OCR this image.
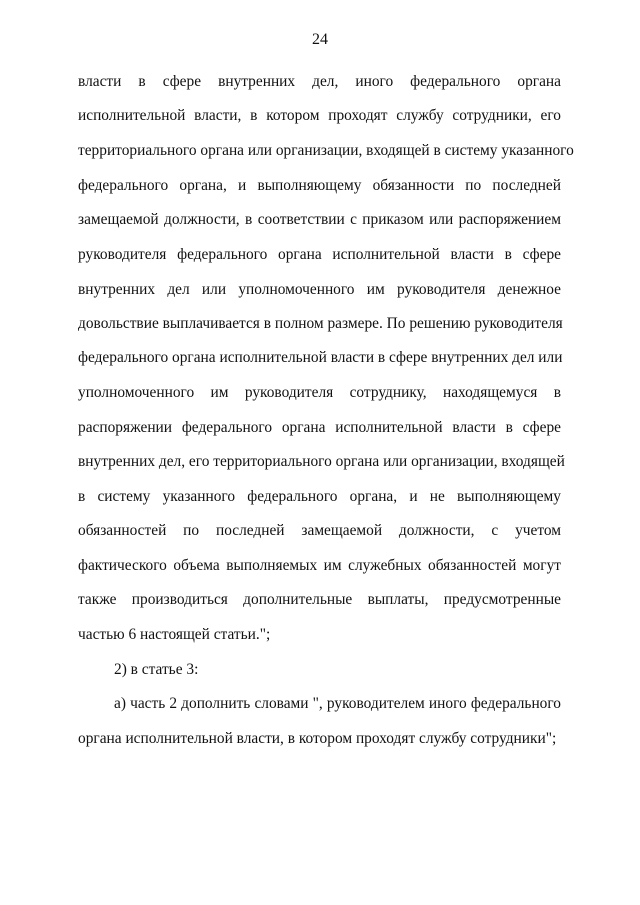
24
власти в сфере внутренних дел, иного федерального органа
исполнительной власти, в котором проходят службу сотрудники, его
территориального органа или организации, входящей в систему указанного
федерального органа, и выполняющему обязанности по последней
замещаемой должности, в соответствии с приказом или распоряжением
руководителя федерального органа исполнительной власти в сфере
внутренних дел или уполномоченного им руководителя денежное
довольствие выплачивается в полном размере. По решению руководителя
федерального органа исполнительной власти в сфере внутренних дел или
уполномоченного им руководителя сотруднику, находящемуся в
распоряжении федерального органа исполнительной власти в сфере
внутренних дел, его территориального органа или организации, входящей
в систему указанного федерального органа, и не выполняющему
обязанностей по последней замещаемой должности, с учетом
фактического объема выполняемых им служебных обязанностей могут
также производиться дополнительные выплаты, предусмотренные
частью 6 настоящей статьи.";
2) в статье 3:
а) часть 2 дополнить словами ", руководителем иного федерального
органа исполнительной власти, в котором проходят службу сотрудники";
